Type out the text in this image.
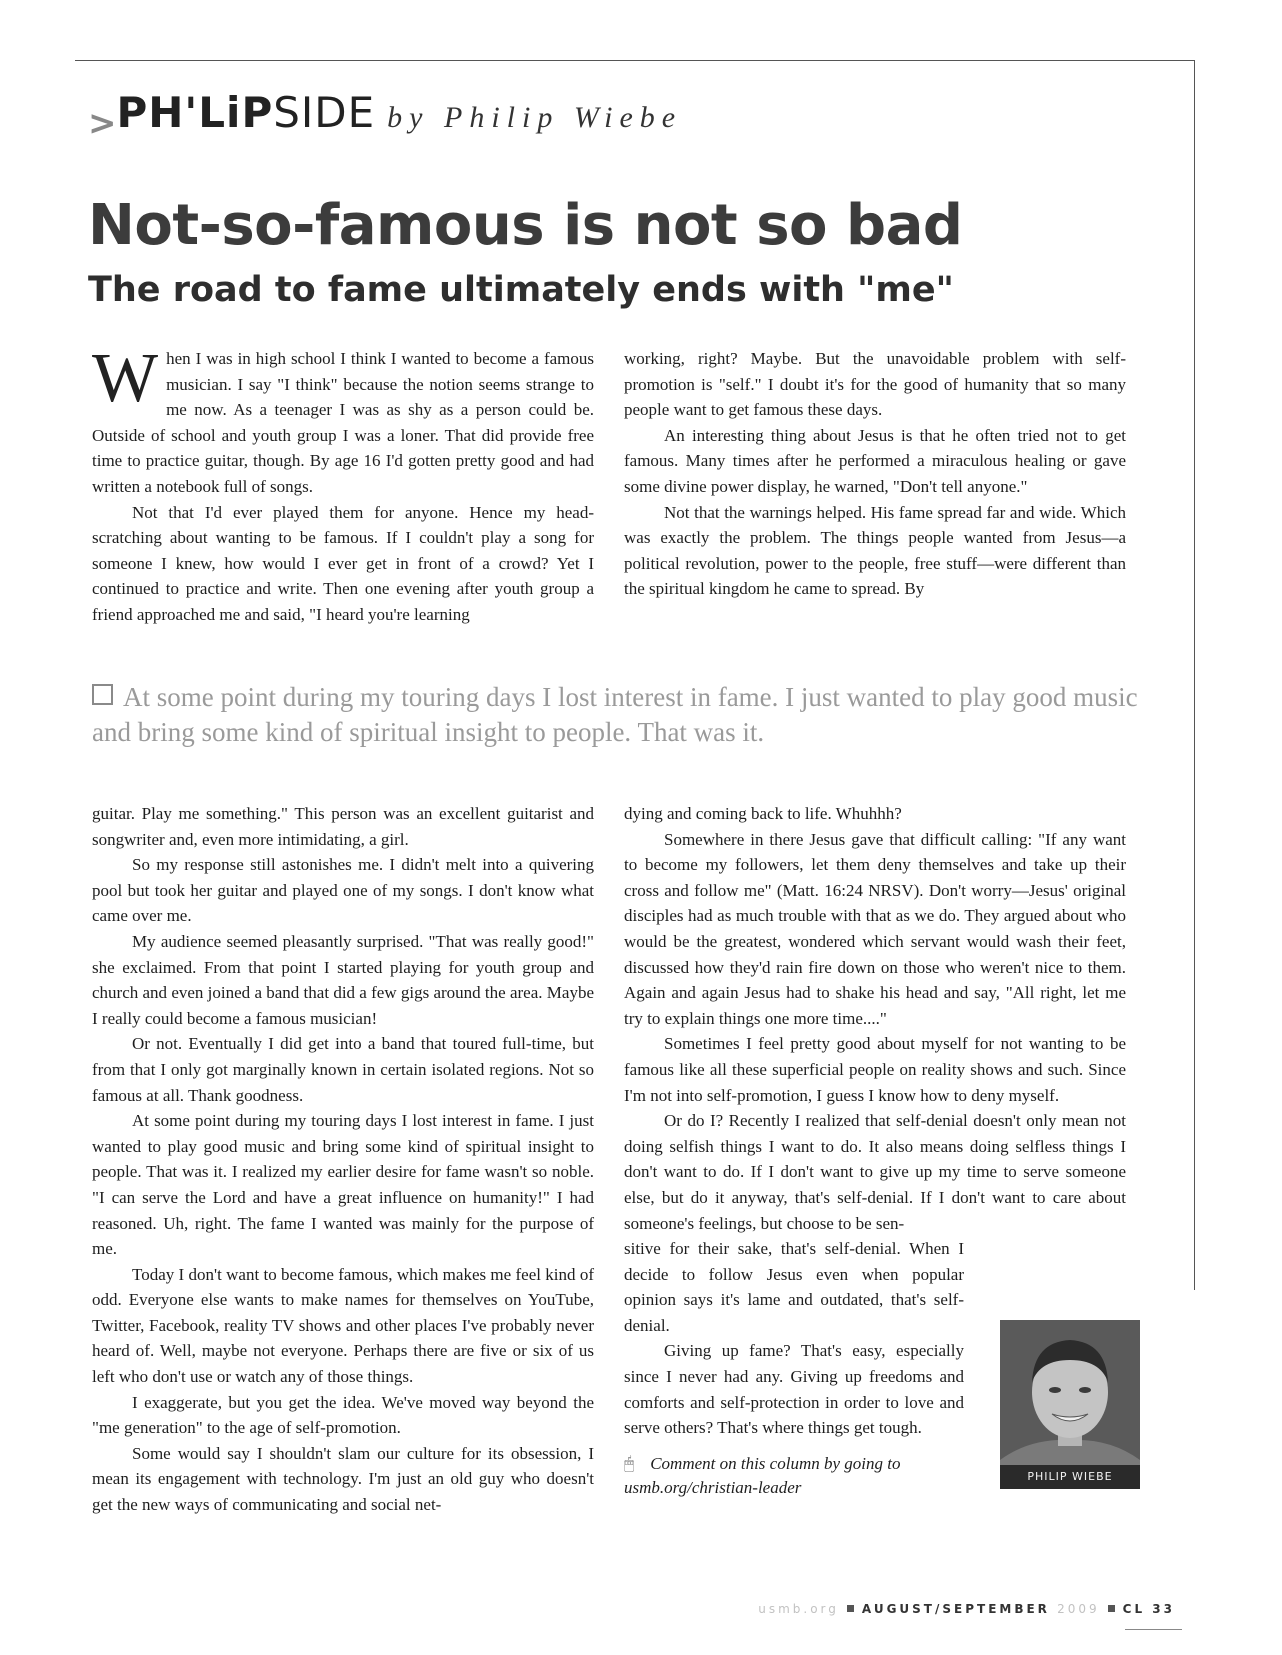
>PH'LiPSIDE by Philip Wiebe
Not-so-famous is not so bad
The road to fame ultimately ends with "me"

When I was in high school I think I wanted to become a famous musician. I say "I think" because the notion seems strange to me now. As a teenager I was as shy as a person could be. Outside of school and youth group I was a loner. That did provide free time to practice guitar, though. By age 16 I'd gotten pretty good and had written a notebook full of songs.

Not that I'd ever played them for anyone. Hence my head-scratching about wanting to be famous. If I couldn't play a song for someone I knew, how would I ever get in front of a crowd? Yet I continued to practice and write. Then one evening after youth group a friend approached me and said, "I heard you're learning

working, right? Maybe. But the unavoidable problem with self-promotion is "self." I doubt it's for the good of humanity that so many people want to get famous these days.

An interesting thing about Jesus is that he often tried not to get famous. Many times after he performed a miraculous healing or gave some divine power display, he warned, "Don't tell anyone."

Not that the warnings helped. His fame spread far and wide. Which was exactly the problem. The things people wanted from Jesus—a political revolution, power to the people, free stuff—were different than the spiritual kingdom he came to spread. By

At some point during my touring days I lost interest in fame. I just wanted to play good music and bring some kind of spiritual insight to people. That was it.

guitar. Play me something." This person was an excellent guitarist and songwriter and, even more intimidating, a girl.

So my response still astonishes me. I didn't melt into a quivering pool but took her guitar and played one of my songs. I don't know what came over me.

My audience seemed pleasantly surprised. "That was really good!" she exclaimed. From that point I started playing for youth group and church and even joined a band that did a few gigs around the area. Maybe I really could become a famous musician!

Or not. Eventually I did get into a band that toured full-time, but from that I only got marginally known in certain isolated regions. Not so famous at all. Thank goodness.

At some point during my touring days I lost interest in fame. I just wanted to play good music and bring some kind of spiritual insight to people. That was it. I realized my earlier desire for fame wasn't so noble. "I can serve the Lord and have a great influence on humanity!" I had reasoned. Uh, right. The fame I wanted was mainly for the purpose of me.

Today I don't want to become famous, which makes me feel kind of odd. Everyone else wants to make names for themselves on YouTube, Twitter, Facebook, reality TV shows and other places I've probably never heard of. Well, maybe not everyone. Perhaps there are five or six of us left who don't use or watch any of those things.

I exaggerate, but you get the idea. We've moved way beyond the "me generation" to the age of self-promotion.

Some would say I shouldn't slam our culture for its obsession, I mean its engagement with technology. I'm just an old guy who doesn't get the new ways of communicating and social net-

dying and coming back to life. Whuhhh?

Somewhere in there Jesus gave that difficult calling: "If any want to become my followers, let them deny themselves and take up their cross and follow me" (Matt. 16:24 NRSV). Don't worry—Jesus' original disciples had as much trouble with that as we do. They argued about who would be the greatest, wondered which servant would wash their feet, discussed how they'd rain fire down on those who weren't nice to them. Again and again Jesus had to shake his head and say, "All right, let me try to explain things one more time...."

Sometimes I feel pretty good about myself for not wanting to be famous like all these superficial people on reality shows and such. Since I'm not into self-promotion, I guess I know how to deny myself.

Or do I? Recently I realized that self-denial doesn't only mean not doing selfish things I want to do. It also means doing selfless things I don't want to do. If I don't want to give up my time to serve someone else, but do it anyway, that's self-denial. If I don't want to care about someone's feelings, but choose to be sen-

sitive for their sake, that's self-denial. When I decide to follow Jesus even when popular opinion says it's lame and outdated, that's self-denial.

Giving up fame? That's easy, especially since I never had any. Giving up freedoms and comforts and self-protection in order to love and serve others? That's where things get tough.

PHILIP WIEBE
🖱 Comment on this column by going to usmb.org/christian-leader
usmb.org AUGUST/SEPTEMBER 2009 CL 33
